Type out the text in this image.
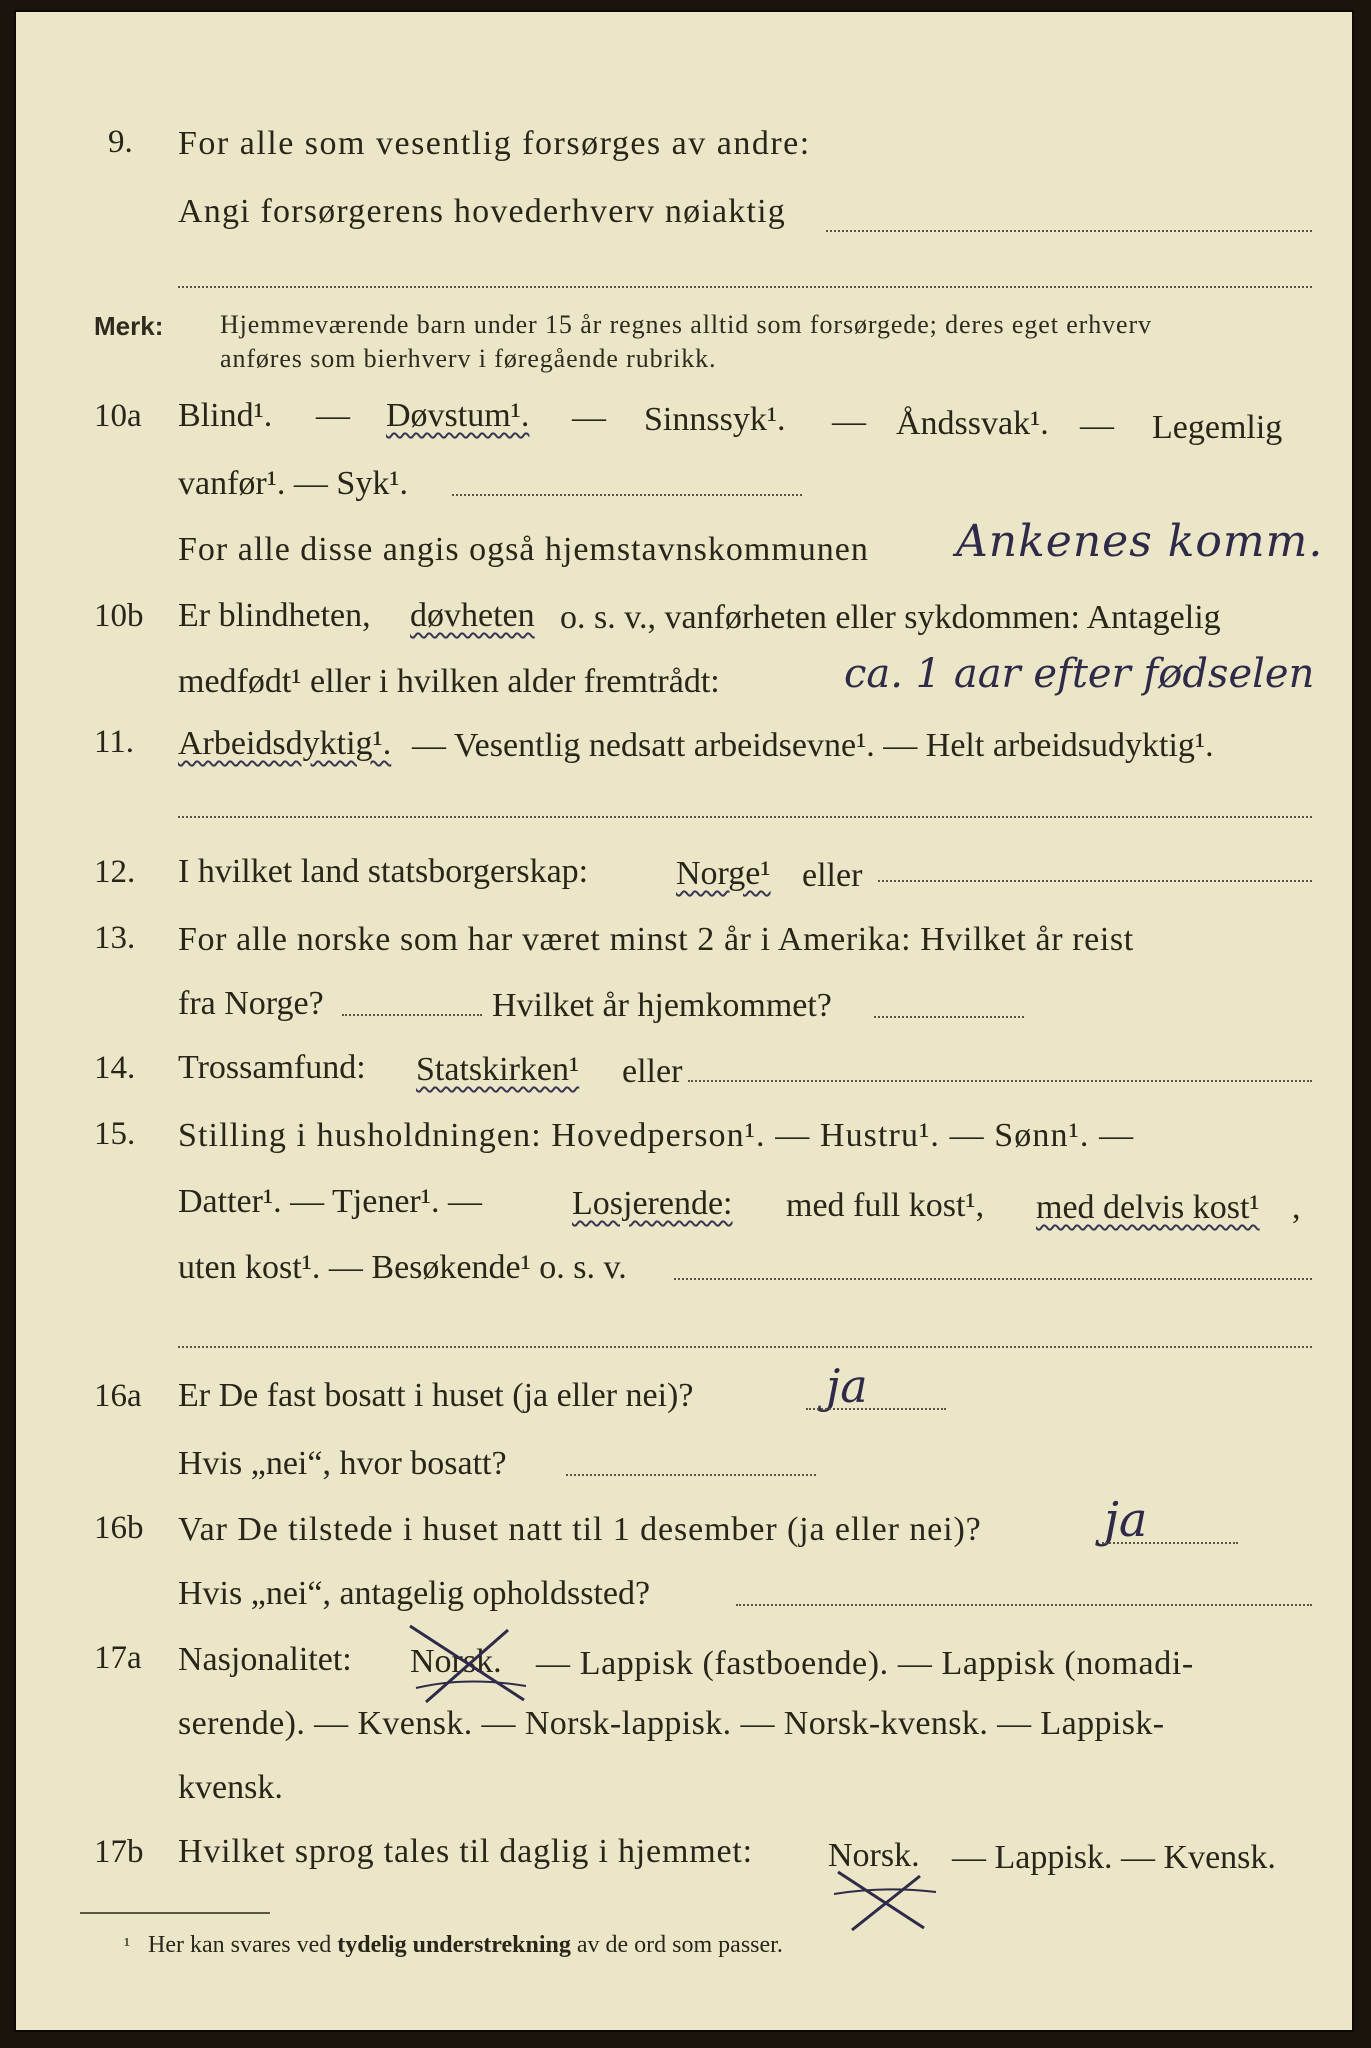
9. For alle som vesentlig forsørges av andre:
Angi forsørgerens hovederhverv nøiaktig
Merk: Hjemmeværende barn under 15 år regnes alltid som forsørgede; deres eget erhverv
anføres som bierhverv i føregående rubrikk.
10a Blind¹. — Døvstum¹. — Sinnssyk¹. — Åndssvak¹. — Legemlig
vanfør¹. — Syk¹.
For alle disse angis også hjemstavnskommunen Ankenes komm.
10b Er blindheten, døvheten o. s. v., vanførheten eller sykdommen: Antagelig
medfødt¹ eller i hvilken alder fremtrådt:	ca. 1 aar efter fødselen
11. Arbeidsdyktig¹. — Vesentlig nedsatt arbeidsevne¹. — Helt arbeidsudyktig¹.
12. I hvilket land statsborgerskap:	Norge¹ eller
13. For alle norske som har været minst 2 år i Amerika: Hvilket år reist
fra Norge?	Hvilket år hjemkommet?
14. Trossamfund: Statskirken¹ eller
15. Stilling i husholdningen: Hovedperson¹. — Hustru¹. — Sønn¹. —
Datter¹. — Tjener¹. —	Losjerende: med full kost¹, med delvis kost¹ ,
uten kost¹. — Besøkende¹ o. s. v.
16a Er De fast bosatt i huset (ja eller nei)?	ja
Hvis „nei“, hvor bosatt?
16b Var De tilstede i huset natt til 1 desember (ja eller nei)?	ja
Hvis „nei“, antagelig opholdssted?
17a Nasjonalitet: Norsk. — Lappisk (fastboende). — Lappisk (nomadi-
serende). — Kvensk. — Norsk-lappisk. — Norsk-kvensk. — Lappisk-
kvensk.
17b Hvilket sprog tales til daglig i hjemmet: Norsk. — Lappisk. — Kvensk.
¹ Her kan svares ved tydelig understrekning av de ord som passer.
